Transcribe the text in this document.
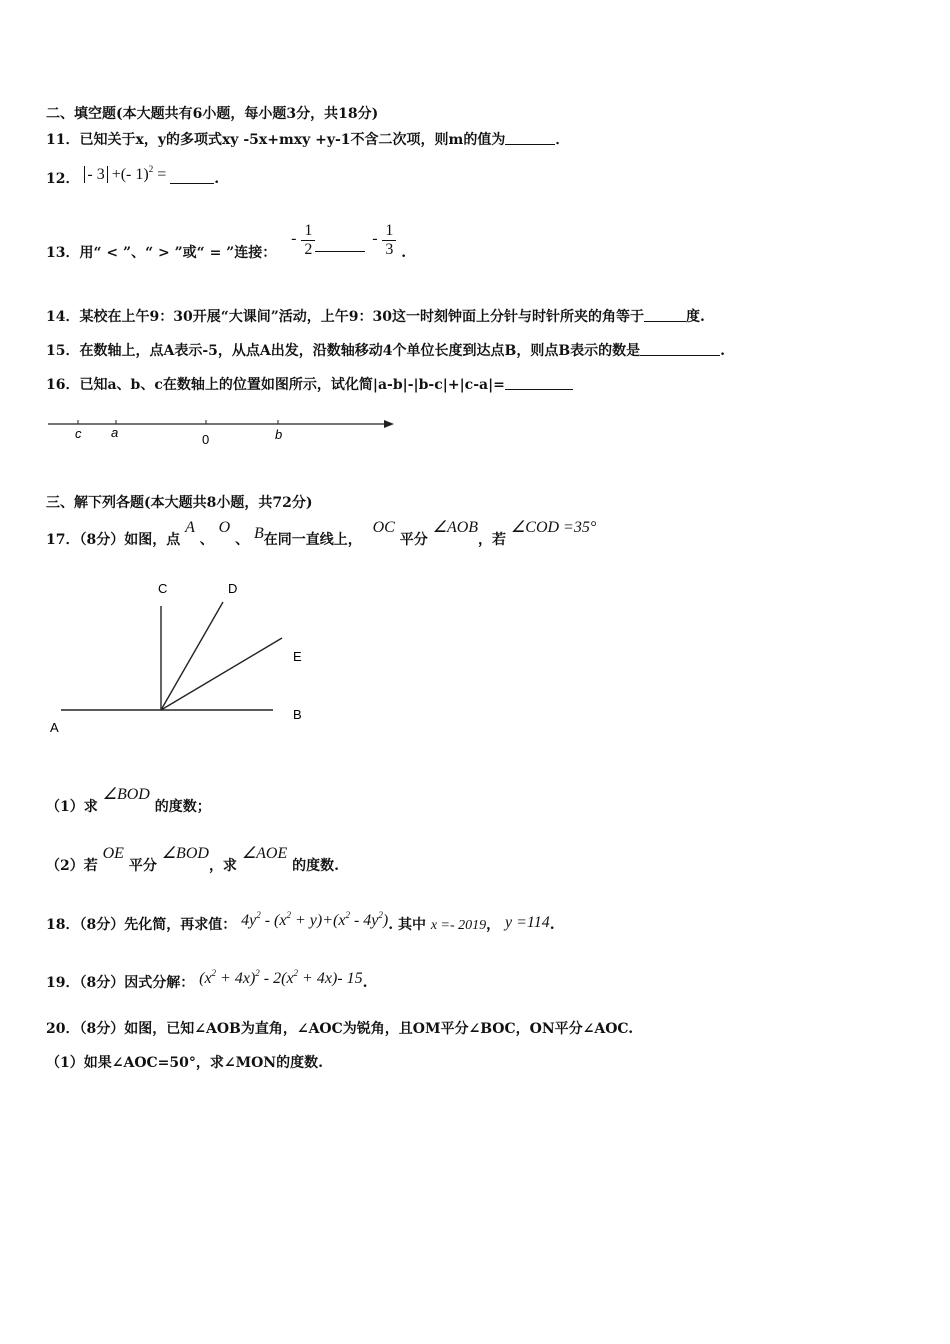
二、填空题(本大题共有6小题，每小题3分，共18分)
11．已知关于x，y的多项式xy -5x+mxy +y-1不含二次项，则m的值为	．
12． - 3 +(- 1)$^2$ =	.
13．用“ < ”、“ > ”或“ = ”连接： - $\frac{1}{2}$	- $\frac{1}{3}$ .
14．某校在上午9：30开展“大课间”活动，上午9：30这一时刻钟面上分针与时针所夹的角等于	度.
15．在数轴上，点A表示-5，从点A出发，沿数轴移动4个单位长度到达点B，则点B表示的数是	.
16．已知a、b、c在数轴上的位置如图所示，试化简|a-b|-|b-c|+|c-a|=
c a	0	b
三、解下列各题(本大题共8小题，共72分)
17．（8分）如图，点 A 、 O 、 B在同一直线上， OC 平分 ∠AOB，若 ∠COD =35°
C	D
E
A
B
（1）求 ∠BOD 的度数；
（2）若 OE 平分 ∠BOD，求 ∠AOE 的度数.
18．（8分）先化简，再求值： $4y^2 - (x^2 + y)+(x^2 - 4y^2)$. 其中 x =- 2019， y =114.
19．（8分）因式分解： $(x^2 + 4x)^2 - 2(x^2 + 4x)-$ 15.
20．（8分）如图，已知∠AOB为直角，∠AOC为锐角，且OM平分∠BOC，ON平分∠AOC.
（1）如果∠AOC=50°，求∠MON的度数.
